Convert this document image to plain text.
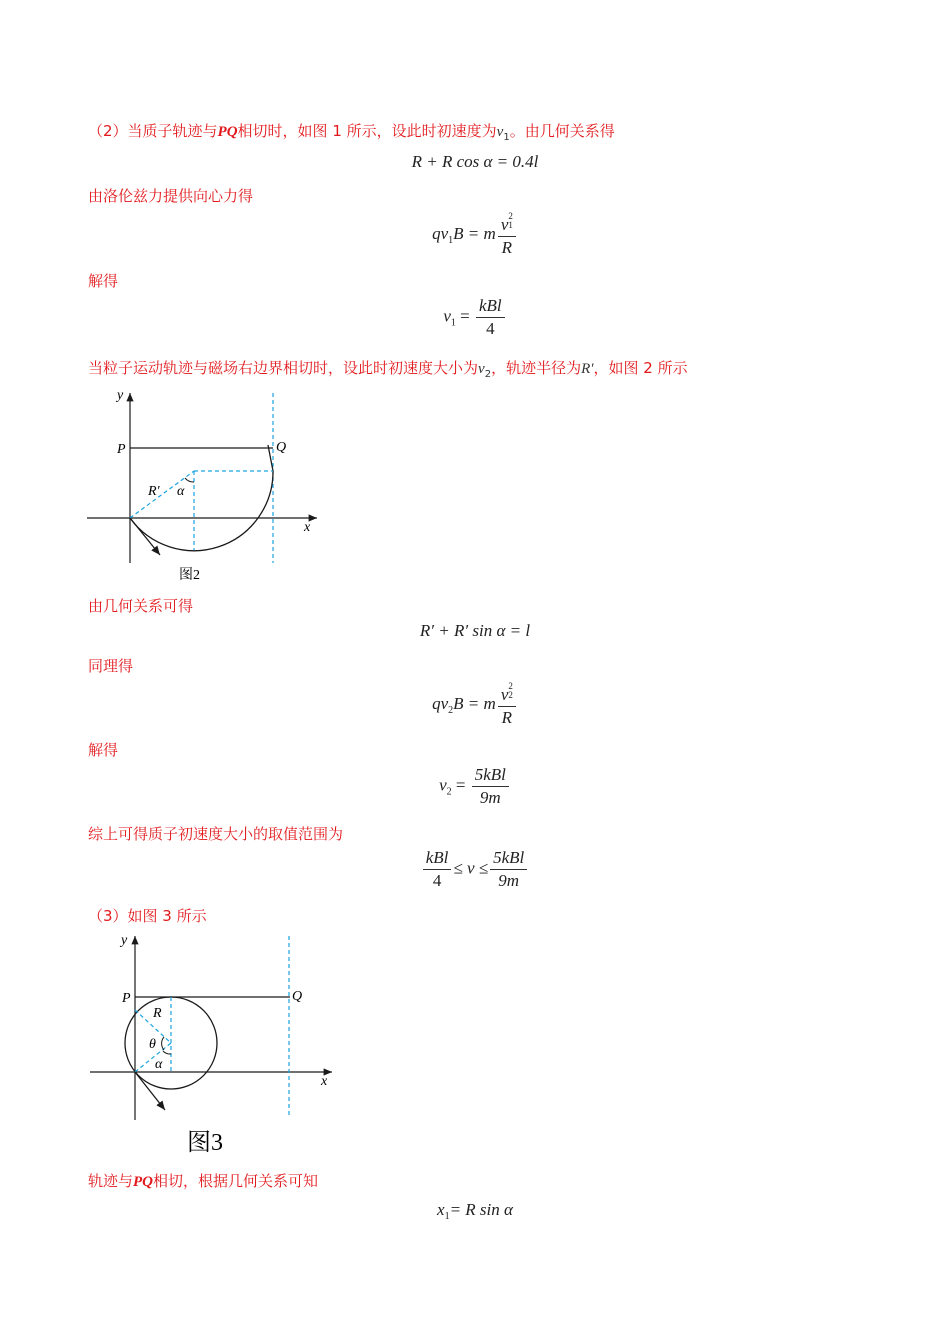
（2）当质子轨迹与PQ相切时，如图 1 所示，设此时初速度为$v_1$。由几何关系得
R + R cos α = 0.4l
由洛伦兹力提供向心力得
$qv_1B = m$ v 2
1
R
解得
$v_1 = \frac{\text{kBl}}{4}$
当粒子运动轨迹与磁场右边界相切时，设此时初速度大小为$v_2$，轨迹半径为R′，如图 2 所示
y
x
P	Q
R′ α
图2
由几何关系可得
R′ + R′ sin α = l
同理得
$qv_2B = m$ v 2
2
R
解得
$v_2 = \frac{\text{5kBl}}{9m}$
综上可得质子初速度大小的取值范围为
$\frac{\text{kBl}}{4} \le v \le \frac{\text{5kBl}}{9m}$
（3）如图 3 所示
y
x
P	Q
R
θ
α
图3
轨迹与PQ相切，根据几何关系可知
$x_1= R$ sin α
